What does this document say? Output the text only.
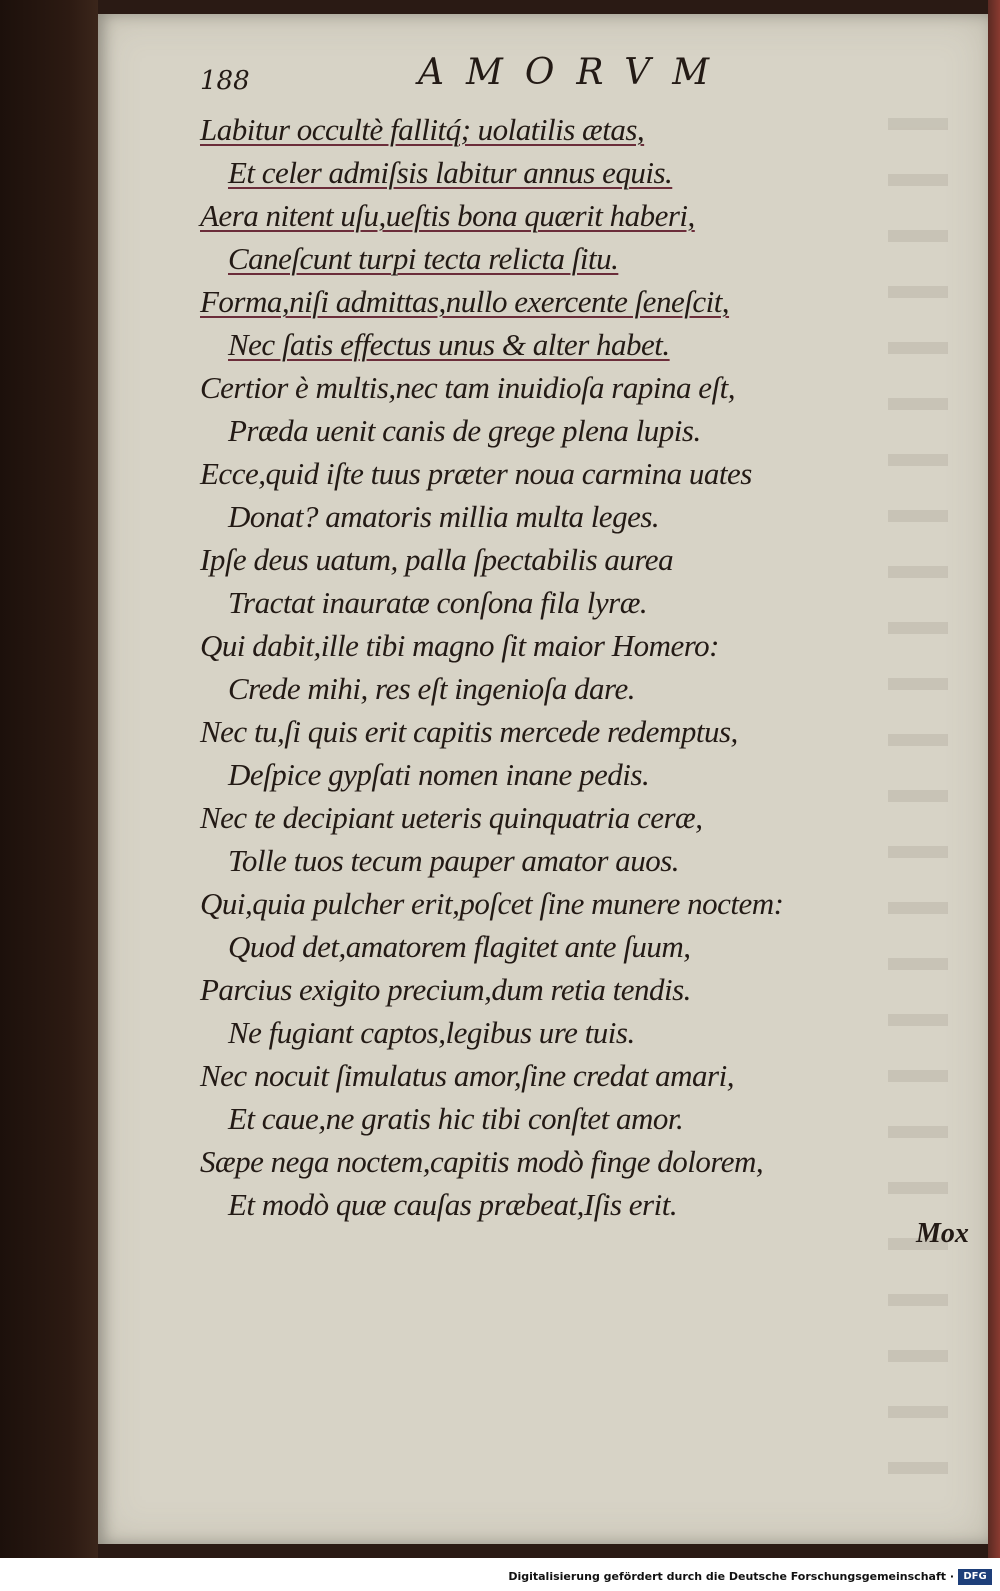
188	AMORVM
Labitur occultè fallitq́; uolatilis ætas,
Et celer admiſsis labitur annus equis.
Aera nitent uſu,ueſtis bona quærit haberi,
Caneſcunt turpi tecta relicta ſitu.
Forma,niſi admittas,nullo exercente ſeneſcit,
Nec ſatis effectus unus & alter habet.
Certior è multis,nec tam inuidioſa rapina eſt,
Præda uenit canis de grege plena lupis.
Ecce,quid iſte tuus præter noua carmina uates
Donat? amatoris millia multa leges.
Ipſe deus uatum, palla ſpectabilis aurea
Tractat inauratæ conſona fila lyræ.
Qui dabit,ille tibi magno ſit maior Homero:
Crede mihi, res eſt ingenioſa dare.
Nec tu,ſi quis erit capitis mercede redemptus,
Deſpice gypſati nomen inane pedis.
Nec te decipiant ueteris quinquatria ceræ,
Tolle tuos tecum pauper amator auos.
Qui,quia pulcher erit,poſcet ſine munere noctem:
Quod det,amatorem flagitet ante ſuum,
Parcius exigito precium,dum retia tendis.
Ne fugiant captos,legibus ure tuis.
Nec nocuit ſimulatus amor,ſine credat amari,
Et caue,ne gratis hic tibi conſtet amor.
Sæpe nega noctem,capitis modò finge dolorem,
Et modò quæ cauſas præbeat,Iſis erit.
Mox
Digitalisierung gefördert durch die Deutsche Forschungsgemeinschaft · DFG
